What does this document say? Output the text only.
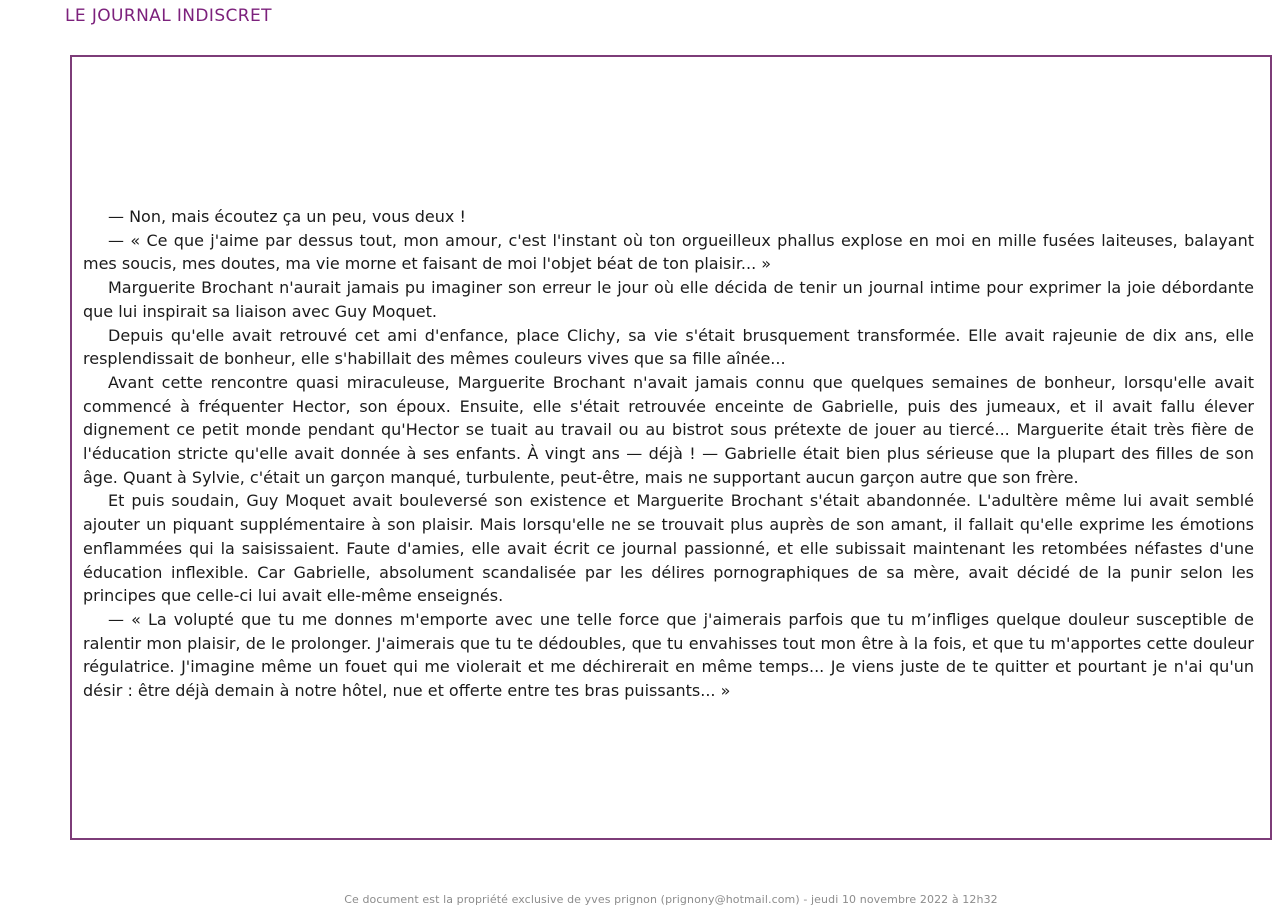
LE JOURNAL INDISCRET

— Non, mais écoutez ça un peu, vous deux !

— « Ce que j'aime par dessus tout, mon amour, c'est l'instant où ton orgueilleux phallus explose en moi en mille fusées laiteuses, balayant mes soucis, mes doutes, ma vie morne et faisant de moi l'objet béat de ton plaisir... »

Marguerite Brochant n'aurait jamais pu imaginer son erreur le jour où elle décida de tenir un journal intime pour exprimer la joie débordante que lui inspirait sa liaison avec Guy Moquet.

Depuis qu'elle avait retrouvé cet ami d'enfance, place Clichy, sa vie s'était brusquement transformée. Elle avait rajeunie de dix ans, elle resplendissait de bonheur, elle s'habillait des mêmes couleurs vives que sa fille aînée...

Avant cette rencontre quasi miraculeuse, Marguerite Brochant n'avait jamais connu que quelques semaines de bonheur, lorsqu'elle avait commencé à fréquenter Hector, son époux. Ensuite, elle s'était retrouvée enceinte de Gabrielle, puis des jumeaux, et il avait fallu élever dignement ce petit monde pendant qu'Hector se tuait au travail ou au bistrot sous prétexte de jouer au tiercé... Marguerite était très fière de l'éducation stricte qu'elle avait donnée à ses enfants. À vingt ans — déjà ! — Gabrielle était bien plus sérieuse que la plupart des filles de son âge. Quant à Sylvie, c'était un garçon manqué, turbulente, peut-être, mais ne supportant aucun garçon autre que son frère.

Et puis soudain, Guy Moquet avait bouleversé son existence et Marguerite Brochant s'était abandonnée. L'adultère même lui avait semblé ajouter un piquant supplémentaire à son plaisir. Mais lorsqu'elle ne se trouvait plus auprès de son amant, il fallait qu'elle exprime les émotions enflammées qui la saisissaient. Faute d'amies, elle avait écrit ce journal passionné, et elle subissait maintenant les retombées néfastes d'une éducation inflexible. Car Gabrielle, absolument scandalisée par les délires pornographiques de sa mère, avait décidé de la punir selon les principes que celle-ci lui avait elle-même enseignés.

— « La volupté que tu me donnes m'emporte avec une telle force que j'aimerais parfois que tu m’infliges quelque douleur susceptible de ralentir mon plaisir, de le prolonger. J'aimerais que tu te dédoubles, que tu envahisses tout mon être à la fois, et que tu m'apportes cette douleur régulatrice. J'imagine même un fouet qui me violerait et me déchirerait en même temps... Je viens juste de te quitter et pourtant je n'ai qu'un désir : être déjà demain à notre hôtel, nue et offerte entre tes bras puissants... »

Ce document est la propriété exclusive de yves prignon (prignony@hotmail.com) - jeudi 10 novembre 2022 à 12h32
